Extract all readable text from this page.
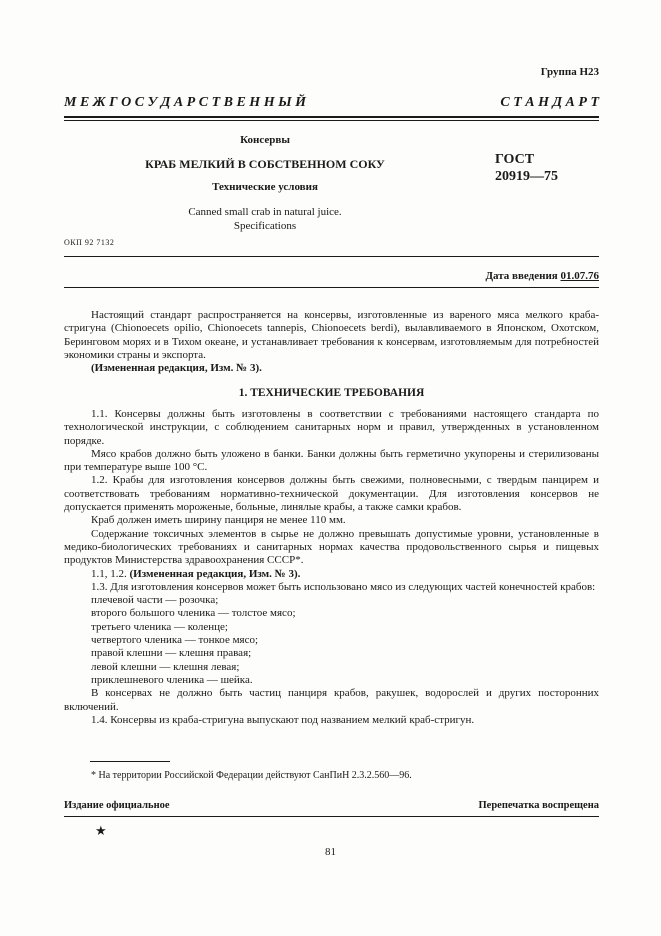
Группа Н23
М Е Ж Г О С У Д А Р С Т В Е Н Н Ы Й	С Т А Н Д А Р Т
Консервы
КРАБ МЕЛКИЙ В СОБСТВЕННОМ СОКУ
Технические условия
Canned small crab in natural juice.
Specifications
ГОСТ
20919—75
ОКП 92 7132
Дата введения 01.07.76

Настоящий стандарт распространяется на консервы, изготовленные из вареного мяса мелкого краба-стригуна (Chionoecets opilio, Chionoecets tannepis, Chionoecets berdi), вылавливаемого в Японском, Охотском, Беринговом морях и в Тихом океане, и устанавливает требования к консервам, изготовляемым для потребностей экономики страны и экспорта.

(Измененная редакция, Изм. № 3).

1. ТЕХНИЧЕСКИЕ ТРЕБОВАНИЯ

1.1. Консервы должны быть изготовлены в соответствии с требованиями настоящего стандарта по технологической инструкции, с соблюдением санитарных норм и правил, утвержденных в установленном порядке.

Мясо крабов должно быть уложено в банки. Банки должны быть герметично укупорены и стерилизованы при температуре выше 100 °С.

1.2. Крабы для изготовления консервов должны быть свежими, полновесными, с твердым панцирем и соответствовать требованиям нормативно-технической документации. Для изготовления консервов не допускается применять мороженые, больные, линялые крабы, а также самки крабов.

Краб должен иметь ширину панциря не менее 110 мм.

Содержание токсичных элементов в сырье не должно превышать допустимые уровни, установленные в медико-биологических требованиях и санитарных нормах качества продовольственного сырья и пищевых продуктов Министерства здравоохранения СССР*.

1.1, 1.2. (Измененная редакция, Изм. № 3).

1.3. Для изготовления консервов может быть использовано мясо из следующих частей конечностей крабов:

плечевой части — розочка;

второго большого членика — толстое мясо;

третьего членика — коленце;

четвертого членика — тонкое мясо;

правой клешни — клешня правая;

левой клешни — клешня левая;

приклешневого членика — шейка.

В консервах не должно быть частиц панциря крабов, ракушек, водорослей и других посторонних включений.

1.4. Консервы из краба-стригуна выпускают под названием мелкий краб-стригун.

* На территории Российской Федерации действуют СанПиН 2.3.2.560—96.
Издание официальное	Перепечатка воспрещена
★
81
